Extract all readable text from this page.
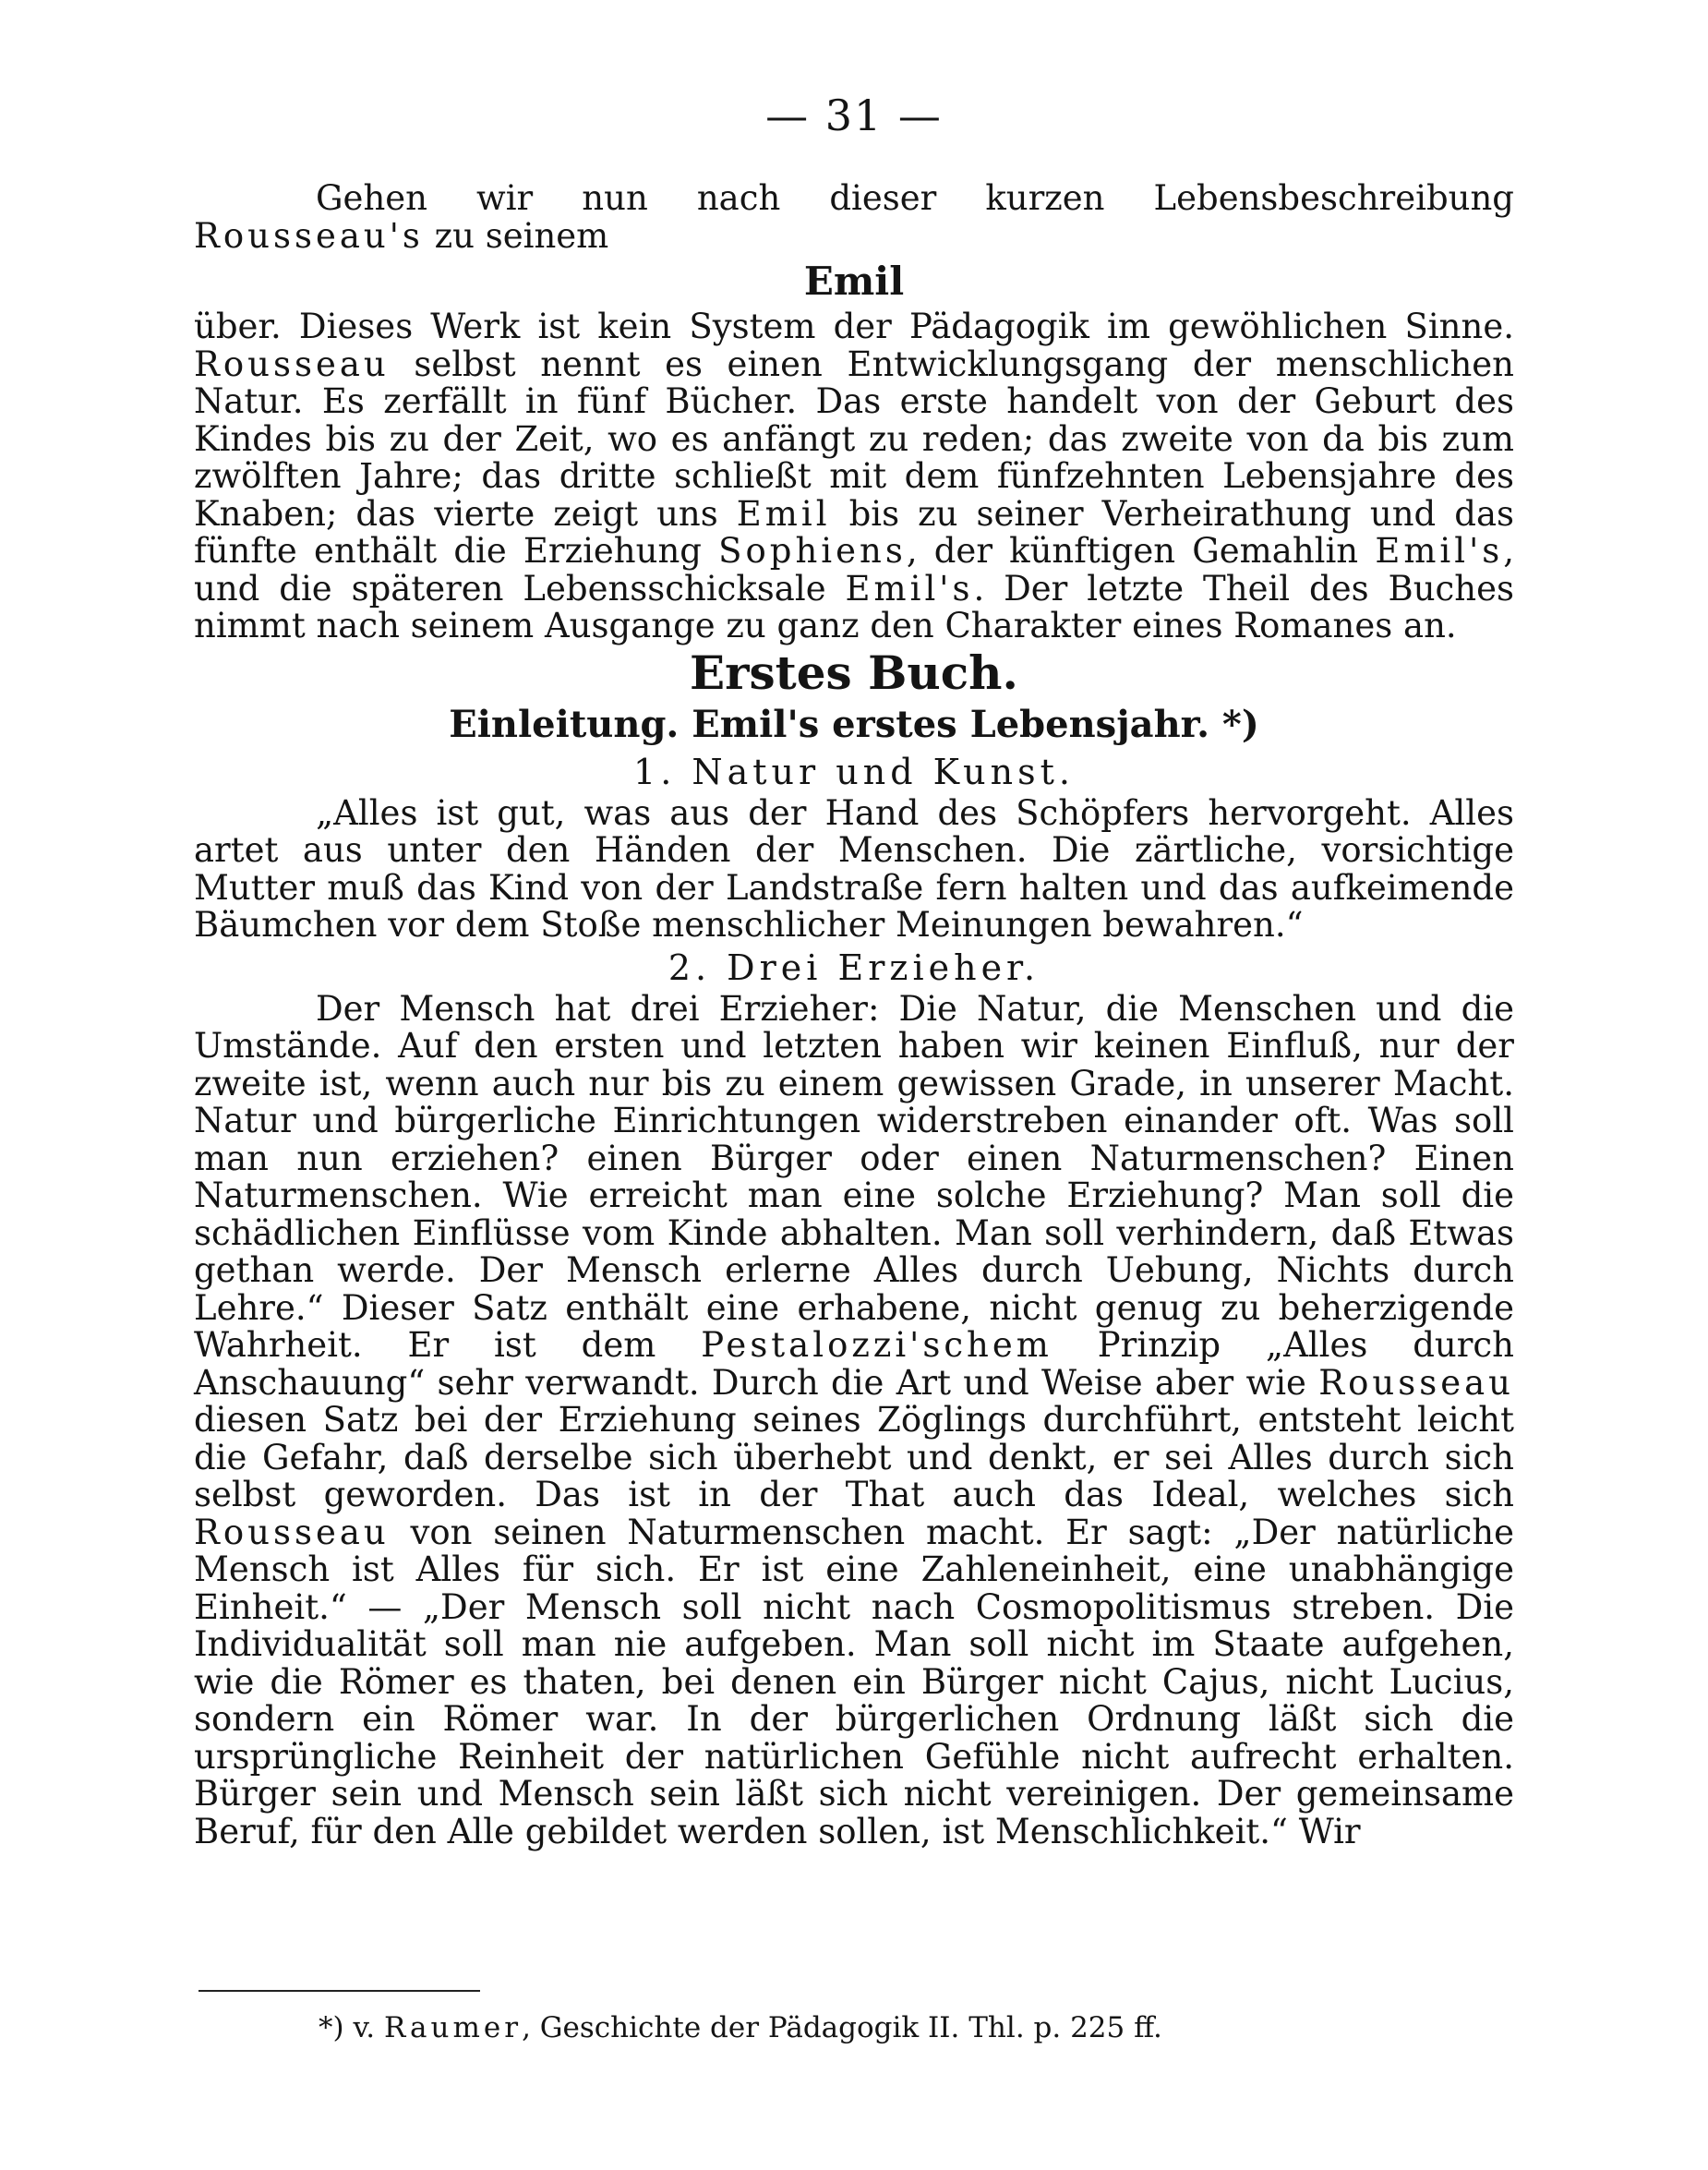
— 31 —

Gehen wir nun nach dieser kurzen Lebensbeschreibung Rousseau's zu seinem

Emil

über. Dieses Werk ist kein System der Pädagogik im gewöhlichen Sinne. Rousseau selbst nennt es einen Entwicklungsgang der menschlichen Natur. Es zerfällt in fünf Bücher. Das erste handelt von der Geburt des Kindes bis zu der Zeit, wo es anfängt zu reden; das zweite von da bis zum zwölften Jahre; das dritte schließt mit dem fünfzehnten Lebensjahre des Knaben; das vierte zeigt uns Emil bis zu seiner Verheirathung und das fünfte enthält die Erziehung Sophiens, der künftigen Gemahlin Emil's, und die späteren Lebensschicksale Emil's. Der letzte Theil des Buches nimmt nach seinem Ausgange zu ganz den Charakter eines Romanes an.

Erstes Buch.

Einleitung. Emil's erstes Lebensjahr. *)

1. Natur und Kunst.

„Alles ist gut, was aus der Hand des Schöpfers hervorgeht. Alles artet aus unter den Händen der Menschen. Die zärtliche, vorsichtige Mutter muß das Kind von der Landstraße fern halten und das aufkeimende Bäumchen vor dem Stoße menschlicher Meinungen bewahren.“

2. Drei Erzieher.

Der Mensch hat drei Erzieher: Die Natur, die Menschen und die Umstände. Auf den ersten und letzten haben wir keinen Einfluß, nur der zweite ist, wenn auch nur bis zu einem gewissen Grade, in unserer Macht. Natur und bürgerliche Einrichtungen widerstreben einander oft. Was soll man nun erziehen? einen Bürger oder einen Naturmenschen? Einen Naturmenschen. Wie erreicht man eine solche Erziehung? Man soll die schädlichen Einflüsse vom Kinde abhalten. Man soll verhindern, daß Etwas gethan werde. Der Mensch erlerne Alles durch Uebung, Nichts durch Lehre.“ Dieser Satz enthält eine erhabene, nicht genug zu beherzigende Wahrheit. Er ist dem Pestalozzi'schem Prinzip „Alles durch Anschauung“ sehr verwandt. Durch die Art und Weise aber wie Rousseau diesen Satz bei der Erziehung seines Zöglings durchführt, entsteht leicht die Gefahr, daß derselbe sich überhebt und denkt, er sei Alles durch sich selbst geworden. Das ist in der That auch das Ideal, welches sich Rousseau von seinen Naturmenschen macht. Er sagt: „Der natürliche Mensch ist Alles für sich. Er ist eine Zahleneinheit, eine unabhängige Einheit.“ — „Der Mensch soll nicht nach Cosmopolitismus streben. Die Individualität soll man nie aufgeben. Man soll nicht im Staate aufgehen, wie die Römer es thaten, bei denen ein Bürger nicht Cajus, nicht Lucius, sondern ein Römer war. In der bürgerlichen Ordnung läßt sich die ursprüngliche Reinheit der natürlichen Gefühle nicht aufrecht erhalten. Bürger sein und Mensch sein läßt sich nicht vereinigen. Der gemeinsame Beruf, für den Alle gebildet werden sollen, ist Menschlichkeit.“ Wir

*) v. Raumer, Geschichte der Pädagogik II. Thl. p. 225 ff.
